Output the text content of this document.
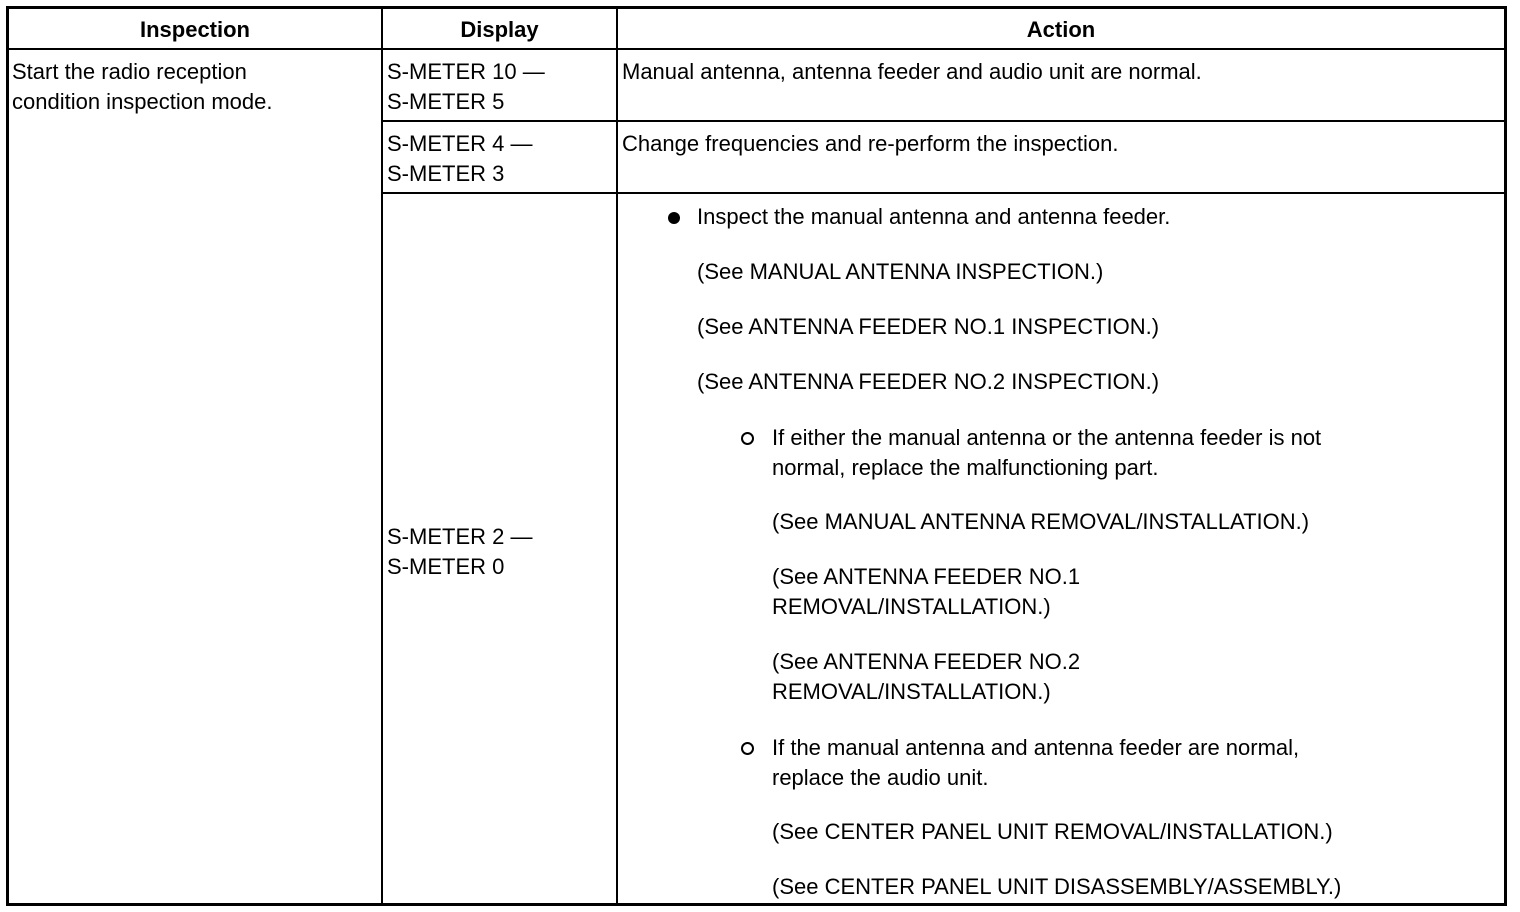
Inspection	Display	Action
Start the radio reception
condition inspection mode.
S-METER 10 —
S-METER 5
Manual antenna, antenna feeder and audio unit are normal.
S-METER 4 —
S-METER 3
Change frequencies and re-perform the inspection.
S-METER 2 —
S-METER 0
Inspect the manual antenna and antenna feeder.
(See MANUAL ANTENNA INSPECTION.)
(See ANTENNA FEEDER NO.1 INSPECTION.)
(See ANTENNA FEEDER NO.2 INSPECTION.)
If either the manual antenna or the antenna feeder is not
normal, replace the malfunctioning part.
(See MANUAL ANTENNA REMOVAL/INSTALLATION.)
(See ANTENNA FEEDER NO.1
REMOVAL/INSTALLATION.)
(See ANTENNA FEEDER NO.2
REMOVAL/INSTALLATION.)
If the manual antenna and antenna feeder are normal,
replace the audio unit.
(See CENTER PANEL UNIT REMOVAL/INSTALLATION.)
(See CENTER PANEL UNIT DISASSEMBLY/ASSEMBLY.)
